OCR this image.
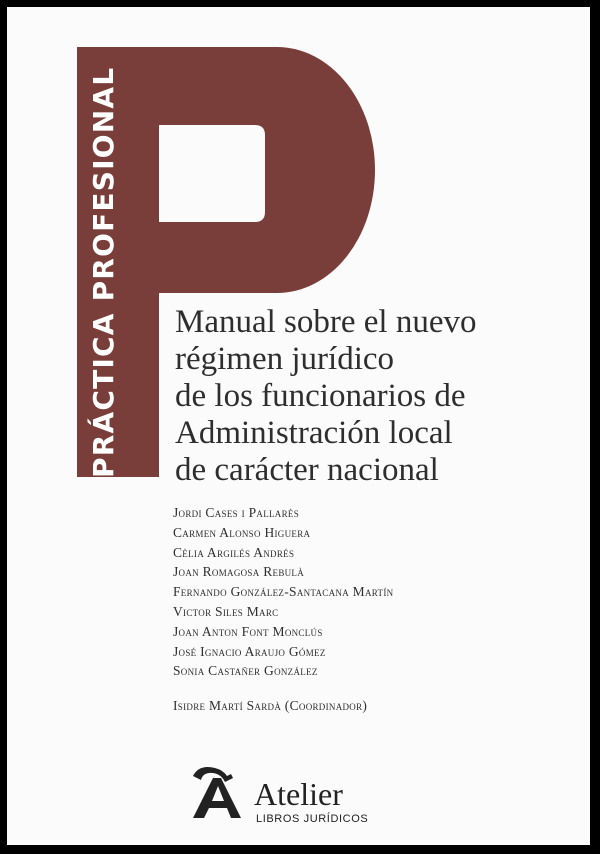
PRÁCTICA PROFESIONAL	Manual sobre el nuevo
régimen jurídico
de los funcionarios de
Administración local
de carácter nacional
Jordi Cases i Pallarès
Carmen Alonso Higuera
Cèlia Argilés Andrés
Joan Romagosa Rebulà
Fernando González-Santacana Martín
Victor Siles Marc
Joan Anton Font Monclús
José Ignacio Araujo Gómez
Sonia Castañer González
Isidre Martí Sardà (Coordinador)
Atelier
LIBROS JURÍDICOS
